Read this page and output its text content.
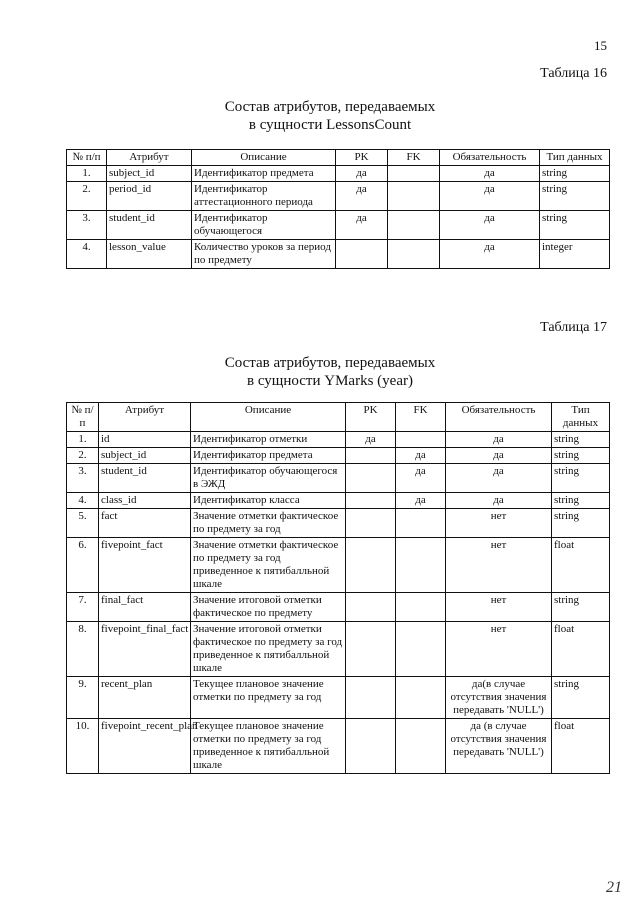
15
Таблица 16
Состав атрибутов, передаваемых
в сущности LessonsCount
№ п/п	Атрибут	Описание	PK	FK	Обязательность	Тип данных
1.	subject_id	Идентификатор предмета	да		да	string
2.	period_id	Идентификатор аттестационного периода	да		да	string
3.	student_id	Идентификатор обучающегося	да		да	string
4.	lesson_value	Количество уроков за период по предмету			да	integer
Таблица 17
Состав атрибутов, передаваемых
в сущности YMarks (year)
№ п/п	Атрибут	Описание	PK	FK	Обязательность	Тип данных
1.	id	Идентификатор отметки	да		да	string
2.	subject_id	Идентификатор предмета		да	да	string
3.	student_id	Идентификатор обучающегося в ЭЖД		да	да	string
4.	class_id	Идентификатор класса		да	да	string
5.	fact	Значение отметки фактическое по предмету за год			нет	string
6.	fivepoint_fact	Значение отметки фактическое по предмету за год приведенное к пятибалльной шкале			нет	float
7.	final_fact	Значение итоговой отметки фактическое по предмету			нет	string
8.	fivepoint_final_fact	Значение итоговой отметки фактическое по предмету за год приведенное к пятибалльной шкале			нет	float
9.	recent_plan	Текущее плановое значение отметки по предмету за год			да(в случае отсутствия значения передавать 'NULL')	string
10.	fivepoint_recent_plan	Текущее плановое значение отметки по предмету за год приведенное к пятибалльной шкале			да (в случае отсутствия значения передавать 'NULL')	float
21
